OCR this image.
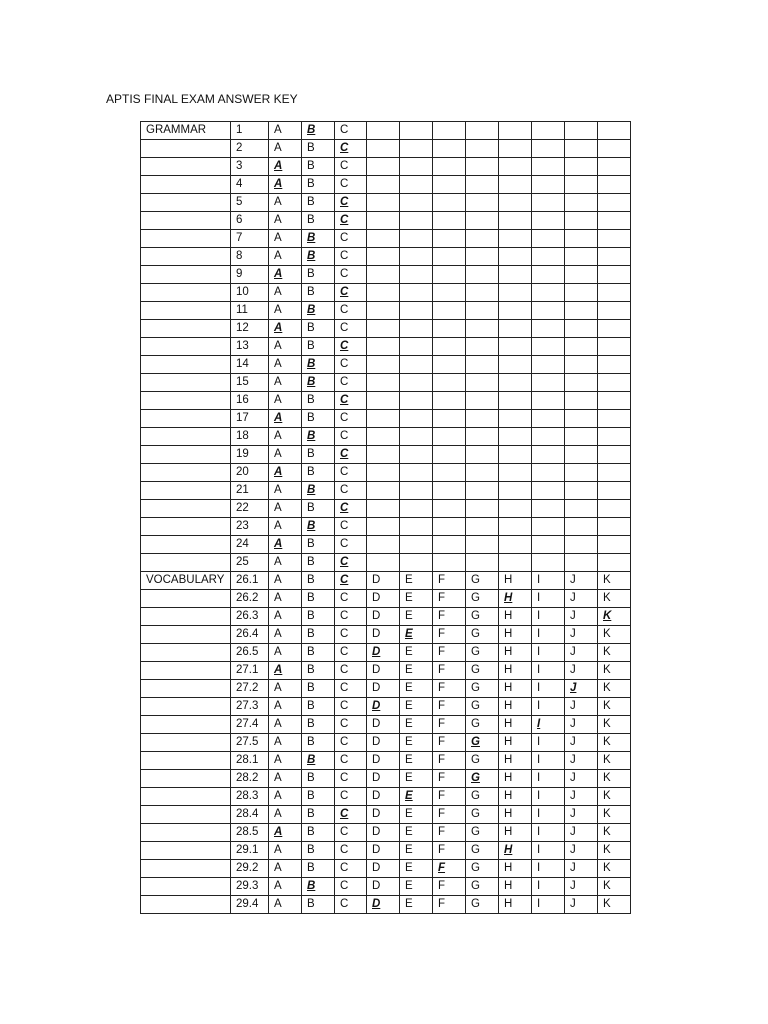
APTIS FINAL EXAM ANSWER KEY
GRAMMAR	1	A	B	C								
	2	A	B	C								
	3	A	B	C								
	4	A	B	C								
	5	A	B	C								
	6	A	B	C								
	7	A	B	C								
	8	A	B	C								
	9	A	B	C								
	10	A	B	C								
	11	A	B	C								
	12	A	B	C								
	13	A	B	C								
	14	A	B	C								
	15	A	B	C								
	16	A	B	C								
	17	A	B	C								
	18	A	B	C								
	19	A	B	C								
	20	A	B	C								
	21	A	B	C								
	22	A	B	C								
	23	A	B	C								
	24	A	B	C								
	25	A	B	C								
VOCABULARY	26.1	A	B	C	D	E	F	G	H	I	J	K
	26.2	A	B	C	D	E	F	G	H	I	J	K
	26.3	A	B	C	D	E	F	G	H	I	J	K
	26.4	A	B	C	D	E	F	G	H	I	J	K
	26.5	A	B	C	D	E	F	G	H	I	J	K
	27.1	A	B	C	D	E	F	G	H	I	J	K
	27.2	A	B	C	D	E	F	G	H	I	J	K
	27.3	A	B	C	D	E	F	G	H	I	J	K
	27.4	A	B	C	D	E	F	G	H	I	J	K
	27.5	A	B	C	D	E	F	G	H	I	J	K
	28.1	A	B	C	D	E	F	G	H	I	J	K
	28.2	A	B	C	D	E	F	G	H	I	J	K
	28.3	A	B	C	D	E	F	G	H	I	J	K
	28.4	A	B	C	D	E	F	G	H	I	J	K
	28.5	A	B	C	D	E	F	G	H	I	J	K
	29.1	A	B	C	D	E	F	G	H	I	J	K
	29.2	A	B	C	D	E	F	G	H	I	J	K
	29.3	A	B	C	D	E	F	G	H	I	J	K
	29.4	A	B	C	D	E	F	G	H	I	J	K
